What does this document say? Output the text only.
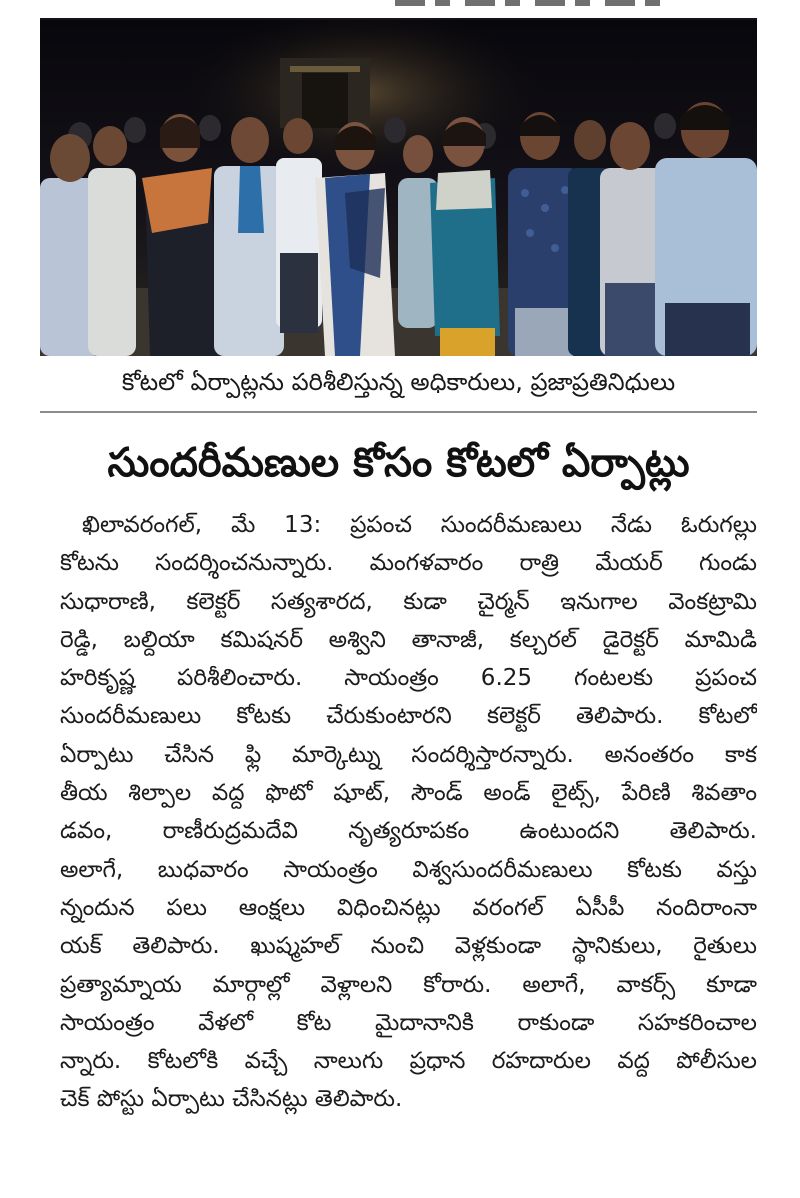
కోటలో ఏర్పాట్లను పరిశీలిస్తున్న అధికారులు, ప్రజాప్రతినిధులు
సుందరీమణుల కోసం కోటలో ఏర్పాట్లు
ఖిలావరంగల్, మే 13: ప్రపంచ సుందరీమణులు నేడు ఓరుగల్లు
కోటను సందర్శించనున్నారు. మంగళవారం రాత్రి మేయర్ గుండు
సుధారాణి, కలెక్టర్ సత్యశారద, కుడా చైర్మన్ ఇనుగాల వెంకట్రామి
రెడ్డి, బల్దియా కమిషనర్ అశ్విని తానాజీ, కల్చరల్ డైరెక్టర్ మామిడి
హరికృష్ణ పరిశీలించారు. సాయంత్రం 6.25 గంటలకు ప్రపంచ
సుందరీమణులు కోటకు చేరుకుంటారని కలెక్టర్ తెలిపారు. కోటలో
ఏర్పాటు చేసిన ఫ్లి మార్కెట్ను సందర్శిస్తారన్నారు. అనంతరం కాక
తీయ శిల్పాల వద్ద ఫొటో షూట్, సౌండ్ అండ్ లైట్స్, పేరిణి శివతాం
డవం, రాణీరుద్రమదేవి నృత్యరూపకం ఉంటుందని తెలిపారు.
అలాగే, బుధవారం సాయంత్రం విశ్వసుందరీమణులు కోటకు వస్తు
న్నందున పలు ఆంక్షలు విధించినట్లు వరంగల్ ఏసీపీ నందిరాంనా
యక్ తెలిపారు. ఖుష్మహల్ నుంచి వెళ్లకుండా స్థానికులు, రైతులు
ప్రత్యామ్నాయ మార్గాల్లో వెళ్లాలని కోరారు. అలాగే, వాకర్స్ కూడా
సాయంత్రం వేళలో కోట మైదానానికి రాకుండా సహకరించాల
న్నారు. కోటలోకి వచ్చే నాలుగు ప్రధాన రహదారుల వద్ద పోలీసుల
చెక్ పోస్టు ఏర్పాటు చేసినట్లు తెలిపారు.
